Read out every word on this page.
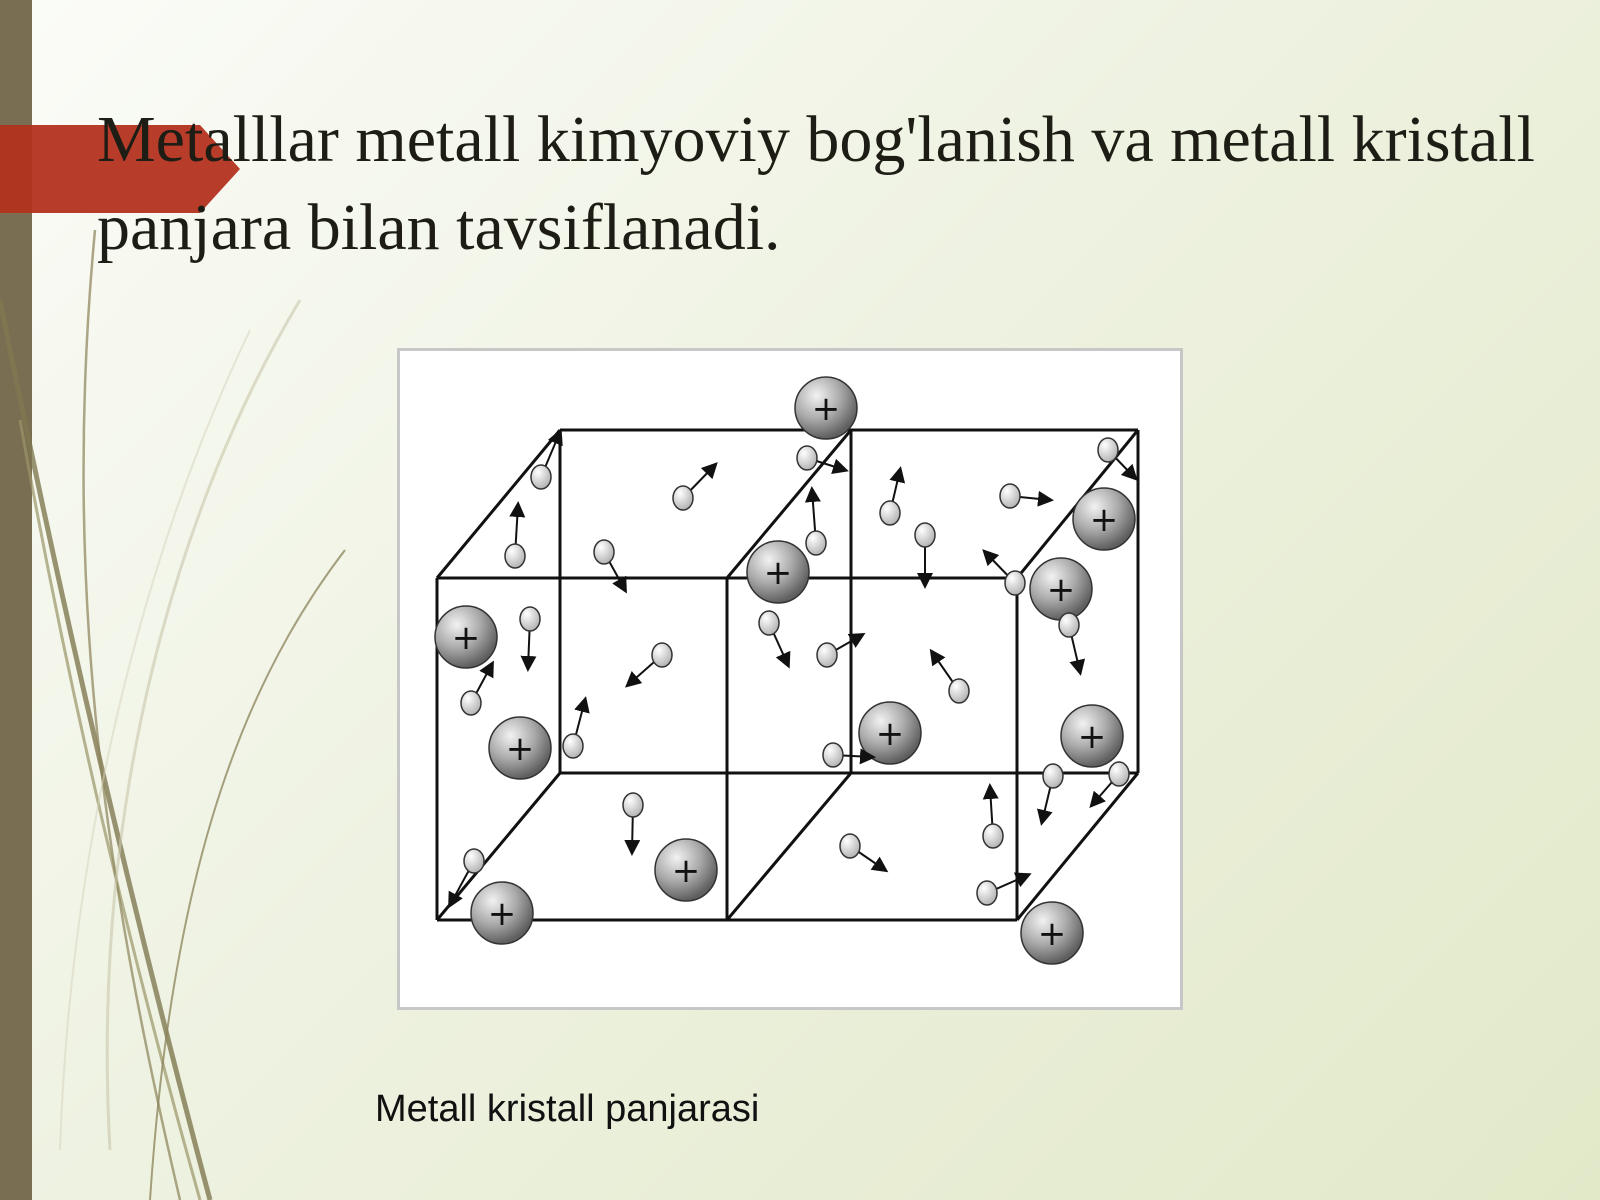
Metalllar metall kimyoviy bog'lanish va metall kristall panjara bilan tavsiflanadi.
+
+
+	+
+
+	+	+
+
+	+
Metall kristall panjarasi
